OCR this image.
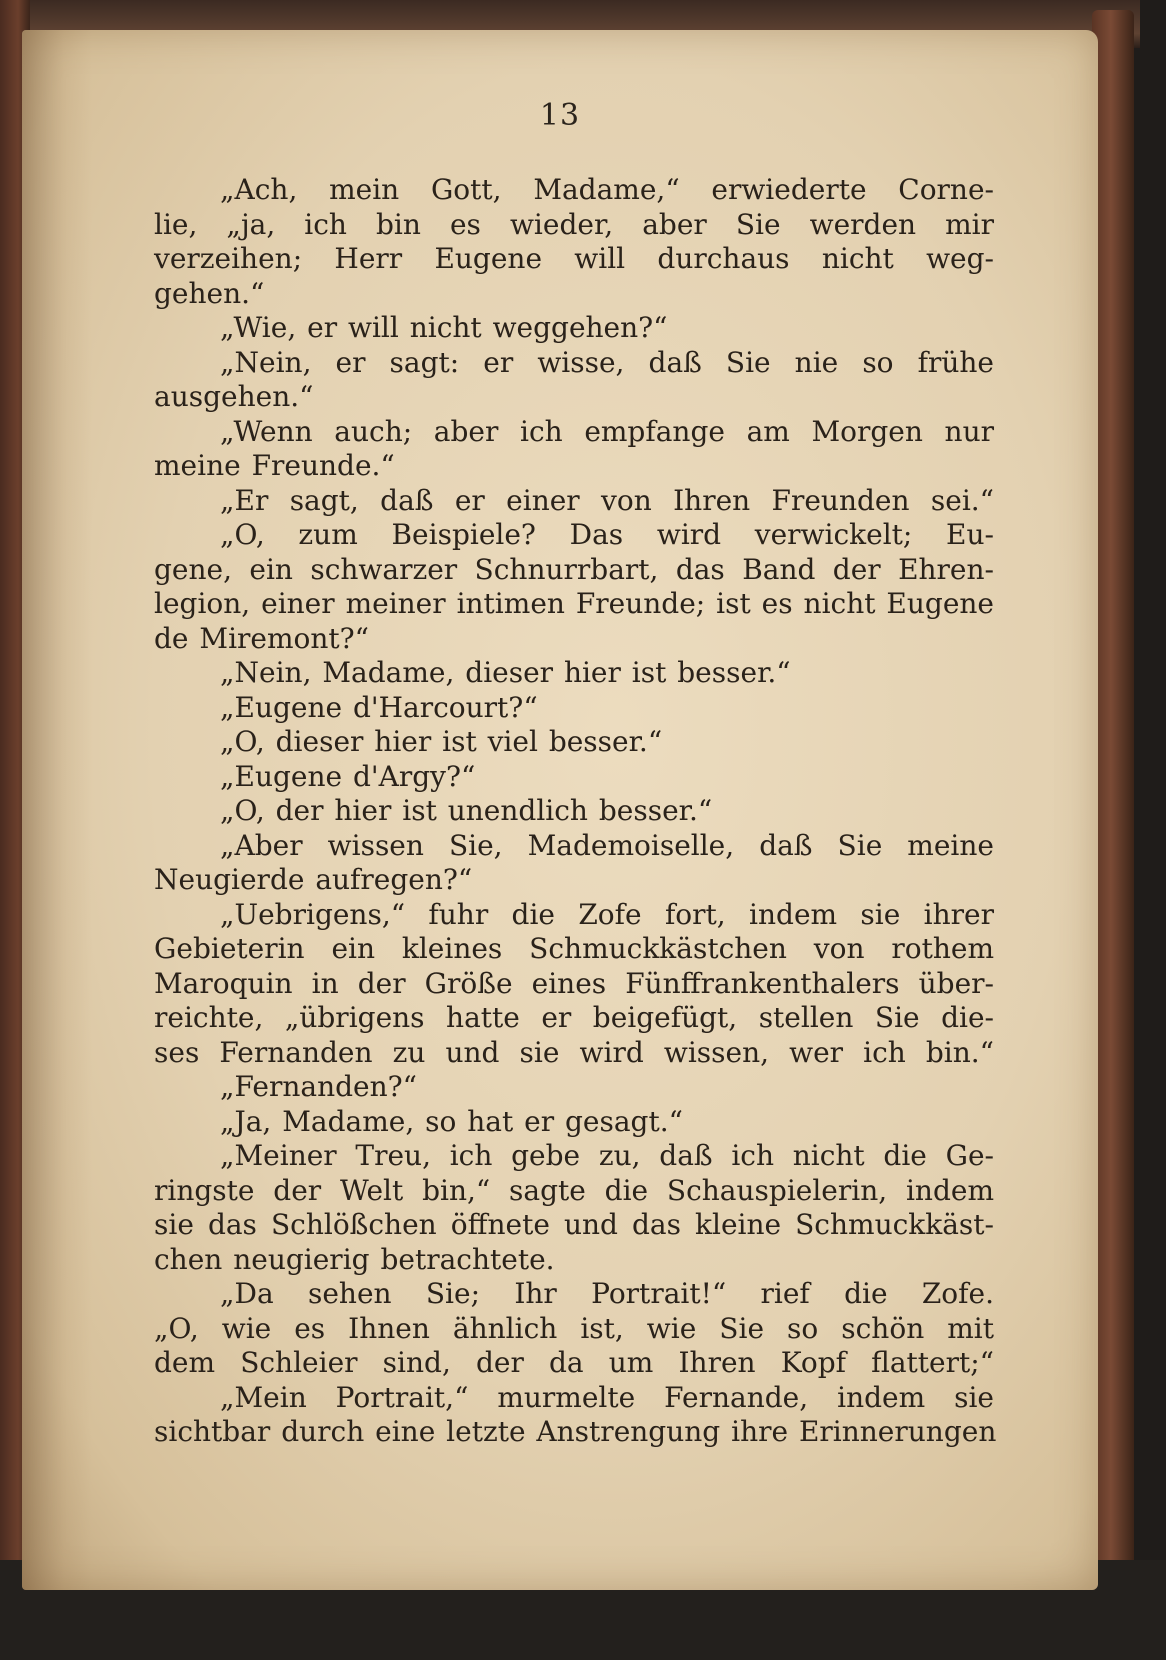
13
„Ach, mein Gott, Madame,“ erwiederte Corne-
lie, „ja, ich bin es wieder, aber Sie werden mir
verzeihen; Herr Eugene will durchaus nicht weg-
gehen.“
„Wie, er will nicht weggehen?“
„Nein, er sagt: er wisse, daß Sie nie so frühe
ausgehen.“
„Wenn auch; aber ich empfange am Morgen nur
meine Freunde.“
„Er sagt, daß er einer von Ihren Freunden sei.“
„O, zum Beispiele? Das wird verwickelt; Eu-
gene, ein schwarzer Schnurrbart, das Band der Ehren-
legion, einer meiner intimen Freunde; ist es nicht Eugene
de Miremont?“
„Nein, Madame, dieser hier ist besser.“
„Eugene d'Harcourt?“
„O, dieser hier ist viel besser.“
„Eugene d'Argy?“
„O, der hier ist unendlich besser.“
„Aber wissen Sie, Mademoiselle, daß Sie meine
Neugierde aufregen?“
„Uebrigens,“ fuhr die Zofe fort, indem sie ihrer
Gebieterin ein kleines Schmuckkästchen von rothem
Maroquin in der Größe eines Fünffrankenthalers über-
reichte, „übrigens hatte er beigefügt, stellen Sie die-
ses Fernanden zu und sie wird wissen, wer ich bin.“
„Fernanden?“
„Ja, Madame, so hat er gesagt.“
„Meiner Treu, ich gebe zu, daß ich nicht die Ge-
ringste der Welt bin,“ sagte die Schauspielerin, indem
sie das Schlößchen öffnete und das kleine Schmuckkäst-
chen neugierig betrachtete.
„Da sehen Sie; Ihr Portrait!“ rief die Zofe.
„O, wie es Ihnen ähnlich ist, wie Sie so schön mit
dem Schleier sind, der da um Ihren Kopf flattert;“
„Mein Portrait,“ murmelte Fernande, indem sie
sichtbar durch eine letzte Anstrengung ihre Erinnerungen
